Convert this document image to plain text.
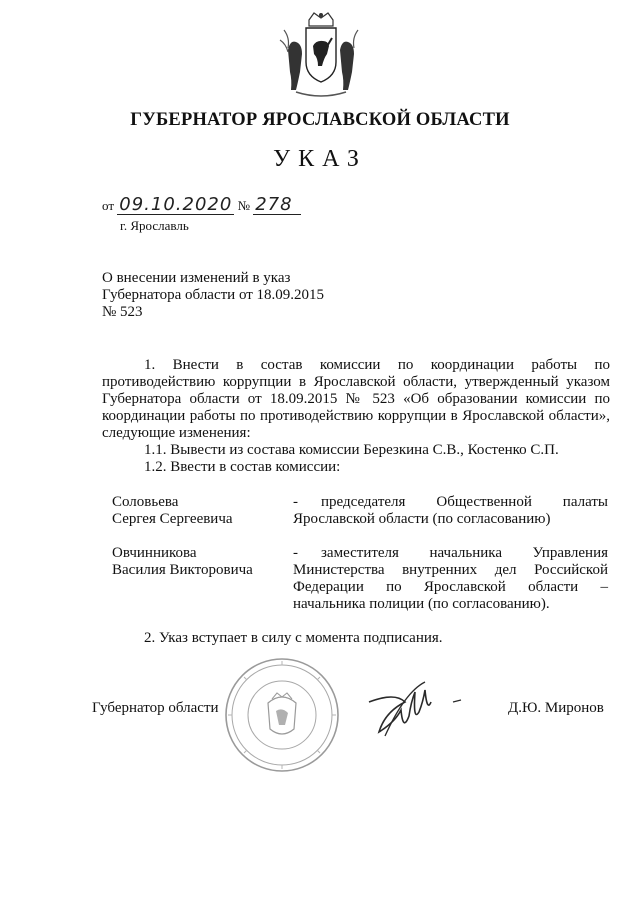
ГУБЕРНАТОР ЯРОСЛАВСКОЙ ОБЛАСТИ
УКАЗ
от 09.10.2020 № 278
г. Ярославль
О внесении изменений в указ
Губернатора области от 18.09.2015
№ 523

1. Внести в состав комиссии по координации работы по противодействию коррупции в Ярославской области, утвержденный указом Губернатора области от 18.09.2015 № 523 «Об образовании комиссии по координации работы по противодействию коррупции в Ярославской области», следующие изменения:

1.1. Вывести из состава комиссии Березкина С.В., Костенко С.П.

1.2. Ввести в состав комиссии:

Соловьева
Сергея Сергеевича
- председателя Общественной палаты Ярославской области (по согласованию)
Овчинникова
Василия Викторовича
- заместителя начальника Управления Министерства внутренних дел Российской Федерации по Ярославской области – начальника полиции (по согласованию).
2. Указ вступает в силу с момента подписания.
Губернатор области	Д.Ю. Миронов
